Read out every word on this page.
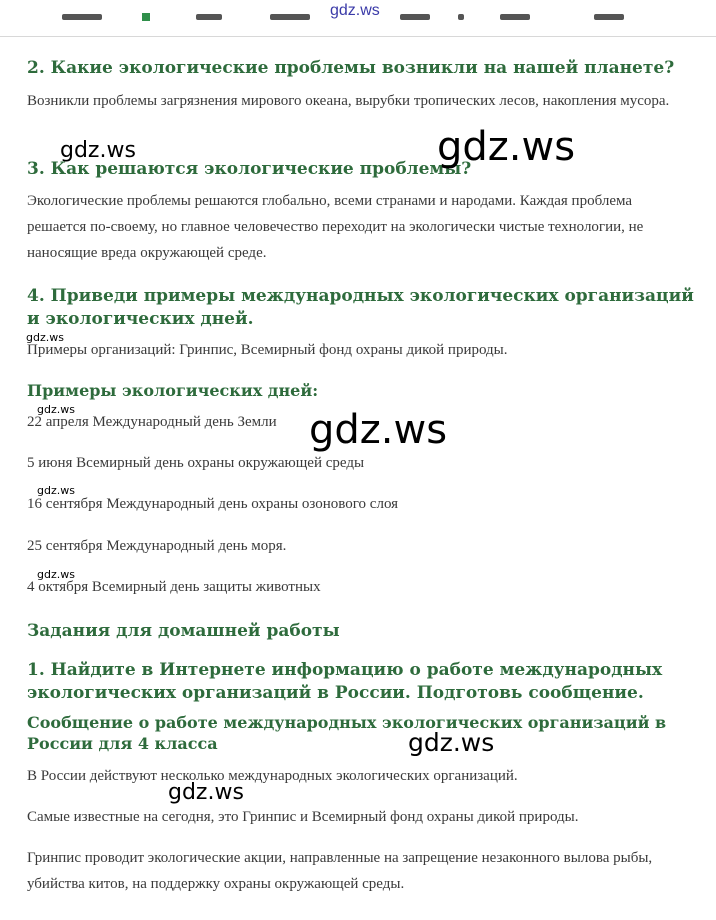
gdz.ws
2. Какие экологические проблемы возникли на нашей планете?

Возникли проблемы загрязнения мирового океана, вырубки тропических лесов, накопления мусора.

3. Как решаются экологические проблемы?

Экологические проблемы решаются глобально, всеми странами и народами. Каждая проблема решается по-своему, но главное человечество переходит на экологически чистые технологии, не наносящие вреда окружающей среде.

4. Приведи примеры международных экологических организаций и экологических дней.

Примеры организаций: Гринпис, Всемирный фонд охраны дикой природы.

Примеры экологических дней:

22 апреля Международный день Земли

5 июня Всемирный день охраны окружающей среды

16 сентября Международный день охраны озонового слоя

25 сентября Международный день моря.

4 октября Всемирный день защиты животных

Задания для домашней работы
1. Найдите в Интернете информацию о работе международных экологических организаций в России. Подготовь сообщение.
Сообщение о работе международных экологических организаций в России для 4 класса

В России действуют несколько международных экологических организаций.

Самые известные на сегодня, это Гринпис и Всемирный фонд охраны дикой природы.

Гринпис проводит экологические акции, направленные на запрещение незаконного вылова рыбы, убийства китов, на поддержку охраны окружающей среды.

gdz.ws
gdz.ws
gdz.ws
gdz.ws	gdz.ws
gdz.ws
gdz.ws
gdz.ws
gdz.ws
